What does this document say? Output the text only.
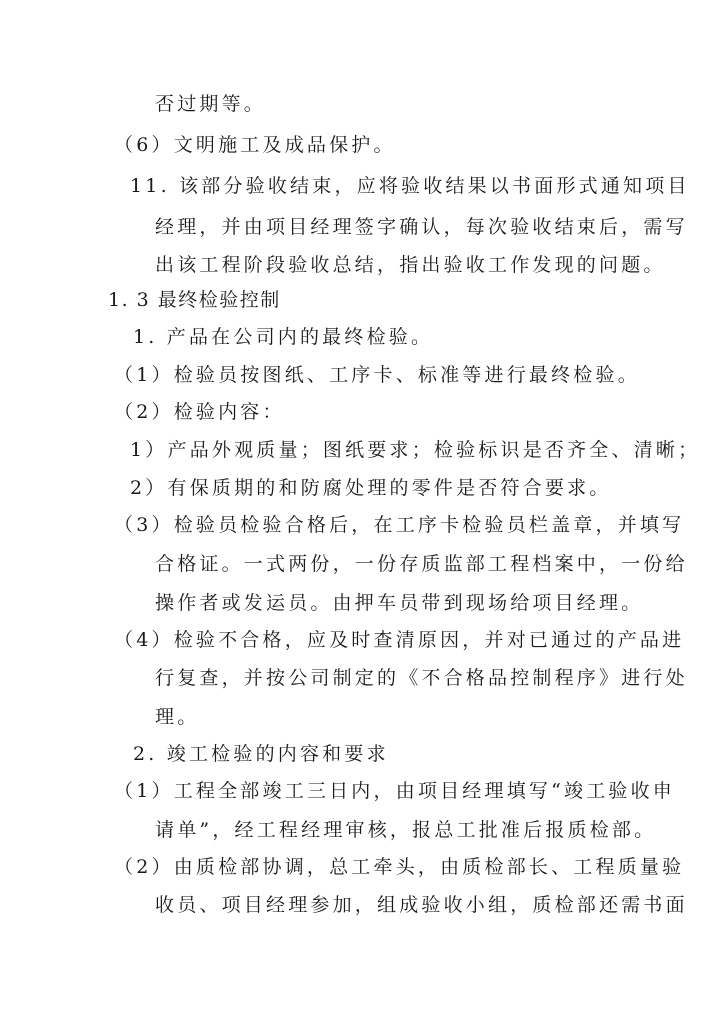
否过期等。
（6）文明施工及成品保护。
11. 该部分验收结束，应将验收结果以书面形式通知项目
经理，并由项目经理签字确认，每次验收结束后，需写
出该工程阶段验收总结，指出验收工作发现的问题。
1. 3 最终检验控制
1. 产品在公司内的最终检验。
（1）检验员按图纸、工序卡、标准等进行最终检验。
（2）检验内容：
1）产品外观质量；图纸要求；检验标识是否齐全、清晰；
2）有保质期的和防腐处理的零件是否符合要求。
（3）检验员检验合格后，在工序卡检验员栏盖章，并填写
合格证。一式两份，一份存质监部工程档案中，一份给
操作者或发运员。由押车员带到现场给项目经理。
（4）检验不合格，应及时查清原因，并对已通过的产品进
行复查，并按公司制定的《不合格品控制程序》进行处
理。
2. 竣工检验的内容和要求
（1）工程全部竣工三日内，由项目经理填写“竣工验收申
请单”，经工程经理审核，报总工批准后报质检部。
（2）由质检部协调，总工牵头，由质检部长、工程质量验
收员、项目经理参加，组成验收小组，质检部还需书面
